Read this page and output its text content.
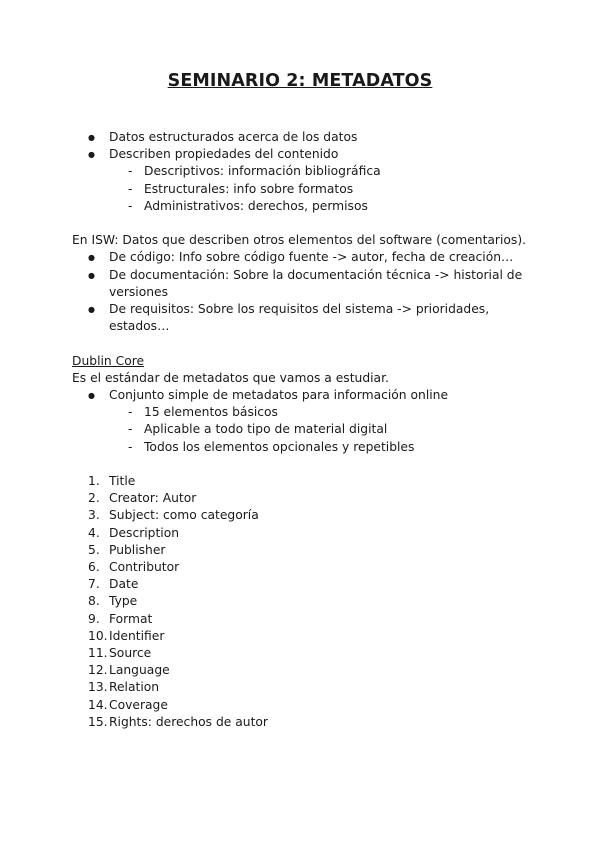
SEMINARIO 2: METADATOS
● Datos estructurados acerca de los datos
● Describen propiedades del contenido
- Descriptivos: información bibliográfica
- Estructurales: info sobre formatos
- Administrativos: derechos, permisos

En ISW: Datos que describen otros elementos del software (comentarios).

● De código: Info sobre código fuente -> autor, fecha de creación…
● De documentación: Sobre la documentación técnica -> historial de versiones
● De requisitos: Sobre los requisitos del sistema -> prioridades, estados…

Dublin Core

Es el estándar de metadatos que vamos a estudiar.

● Conjunto simple de metadatos para información online
- 15 elementos básicos
- Aplicable a todo tipo de material digital
- Todos los elementos opcionales y repetibles
1. Title
2. Creator: Autor
3. Subject: como categoría
4. Description
5. Publisher
6. Contributor
7. Date
8. Type
9. Format
10. Identifier
11. Source
12. Language
13. Relation
14. Coverage
15. Rights: derechos de autor
